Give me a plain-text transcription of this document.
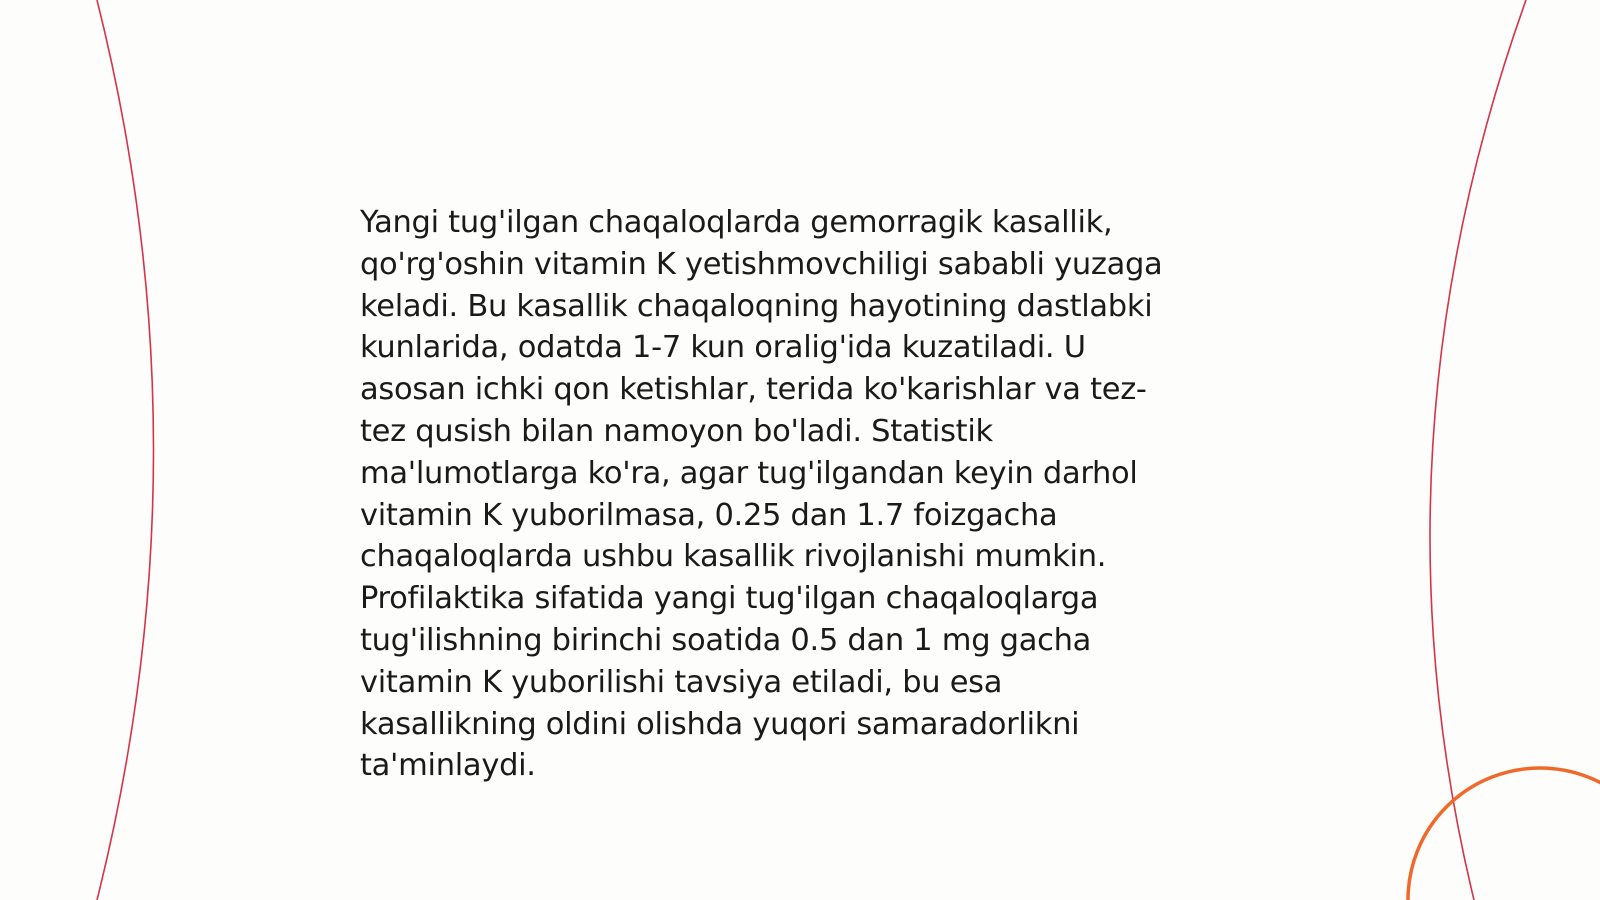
Yangi tug'ilgan chaqaloqlarda gemorragik kasallik,
qo'rg'oshin vitamin K yetishmovchiligi sababli yuzaga
keladi. Bu kasallik chaqaloqning hayotining dastlabki
kunlarida, odatda 1-7 kun oralig'ida kuzatiladi. U
asosan ichki qon ketishlar, terida ko'karishlar va tez-
tez qusish bilan namoyon bo'ladi. Statistik
ma'lumotlarga ko'ra, agar tug'ilgandan keyin darhol
vitamin K yuborilmasa, 0.25 dan 1.7 foizgacha
chaqaloqlarda ushbu kasallik rivojlanishi mumkin.
Profilaktika sifatida yangi tug'ilgan chaqaloqlarga
tug'ilishning birinchi soatida 0.5 dan 1 mg gacha
vitamin K yuborilishi tavsiya etiladi, bu esa
kasallikning oldini olishda yuqori samaradorlikni
ta'minlaydi.
